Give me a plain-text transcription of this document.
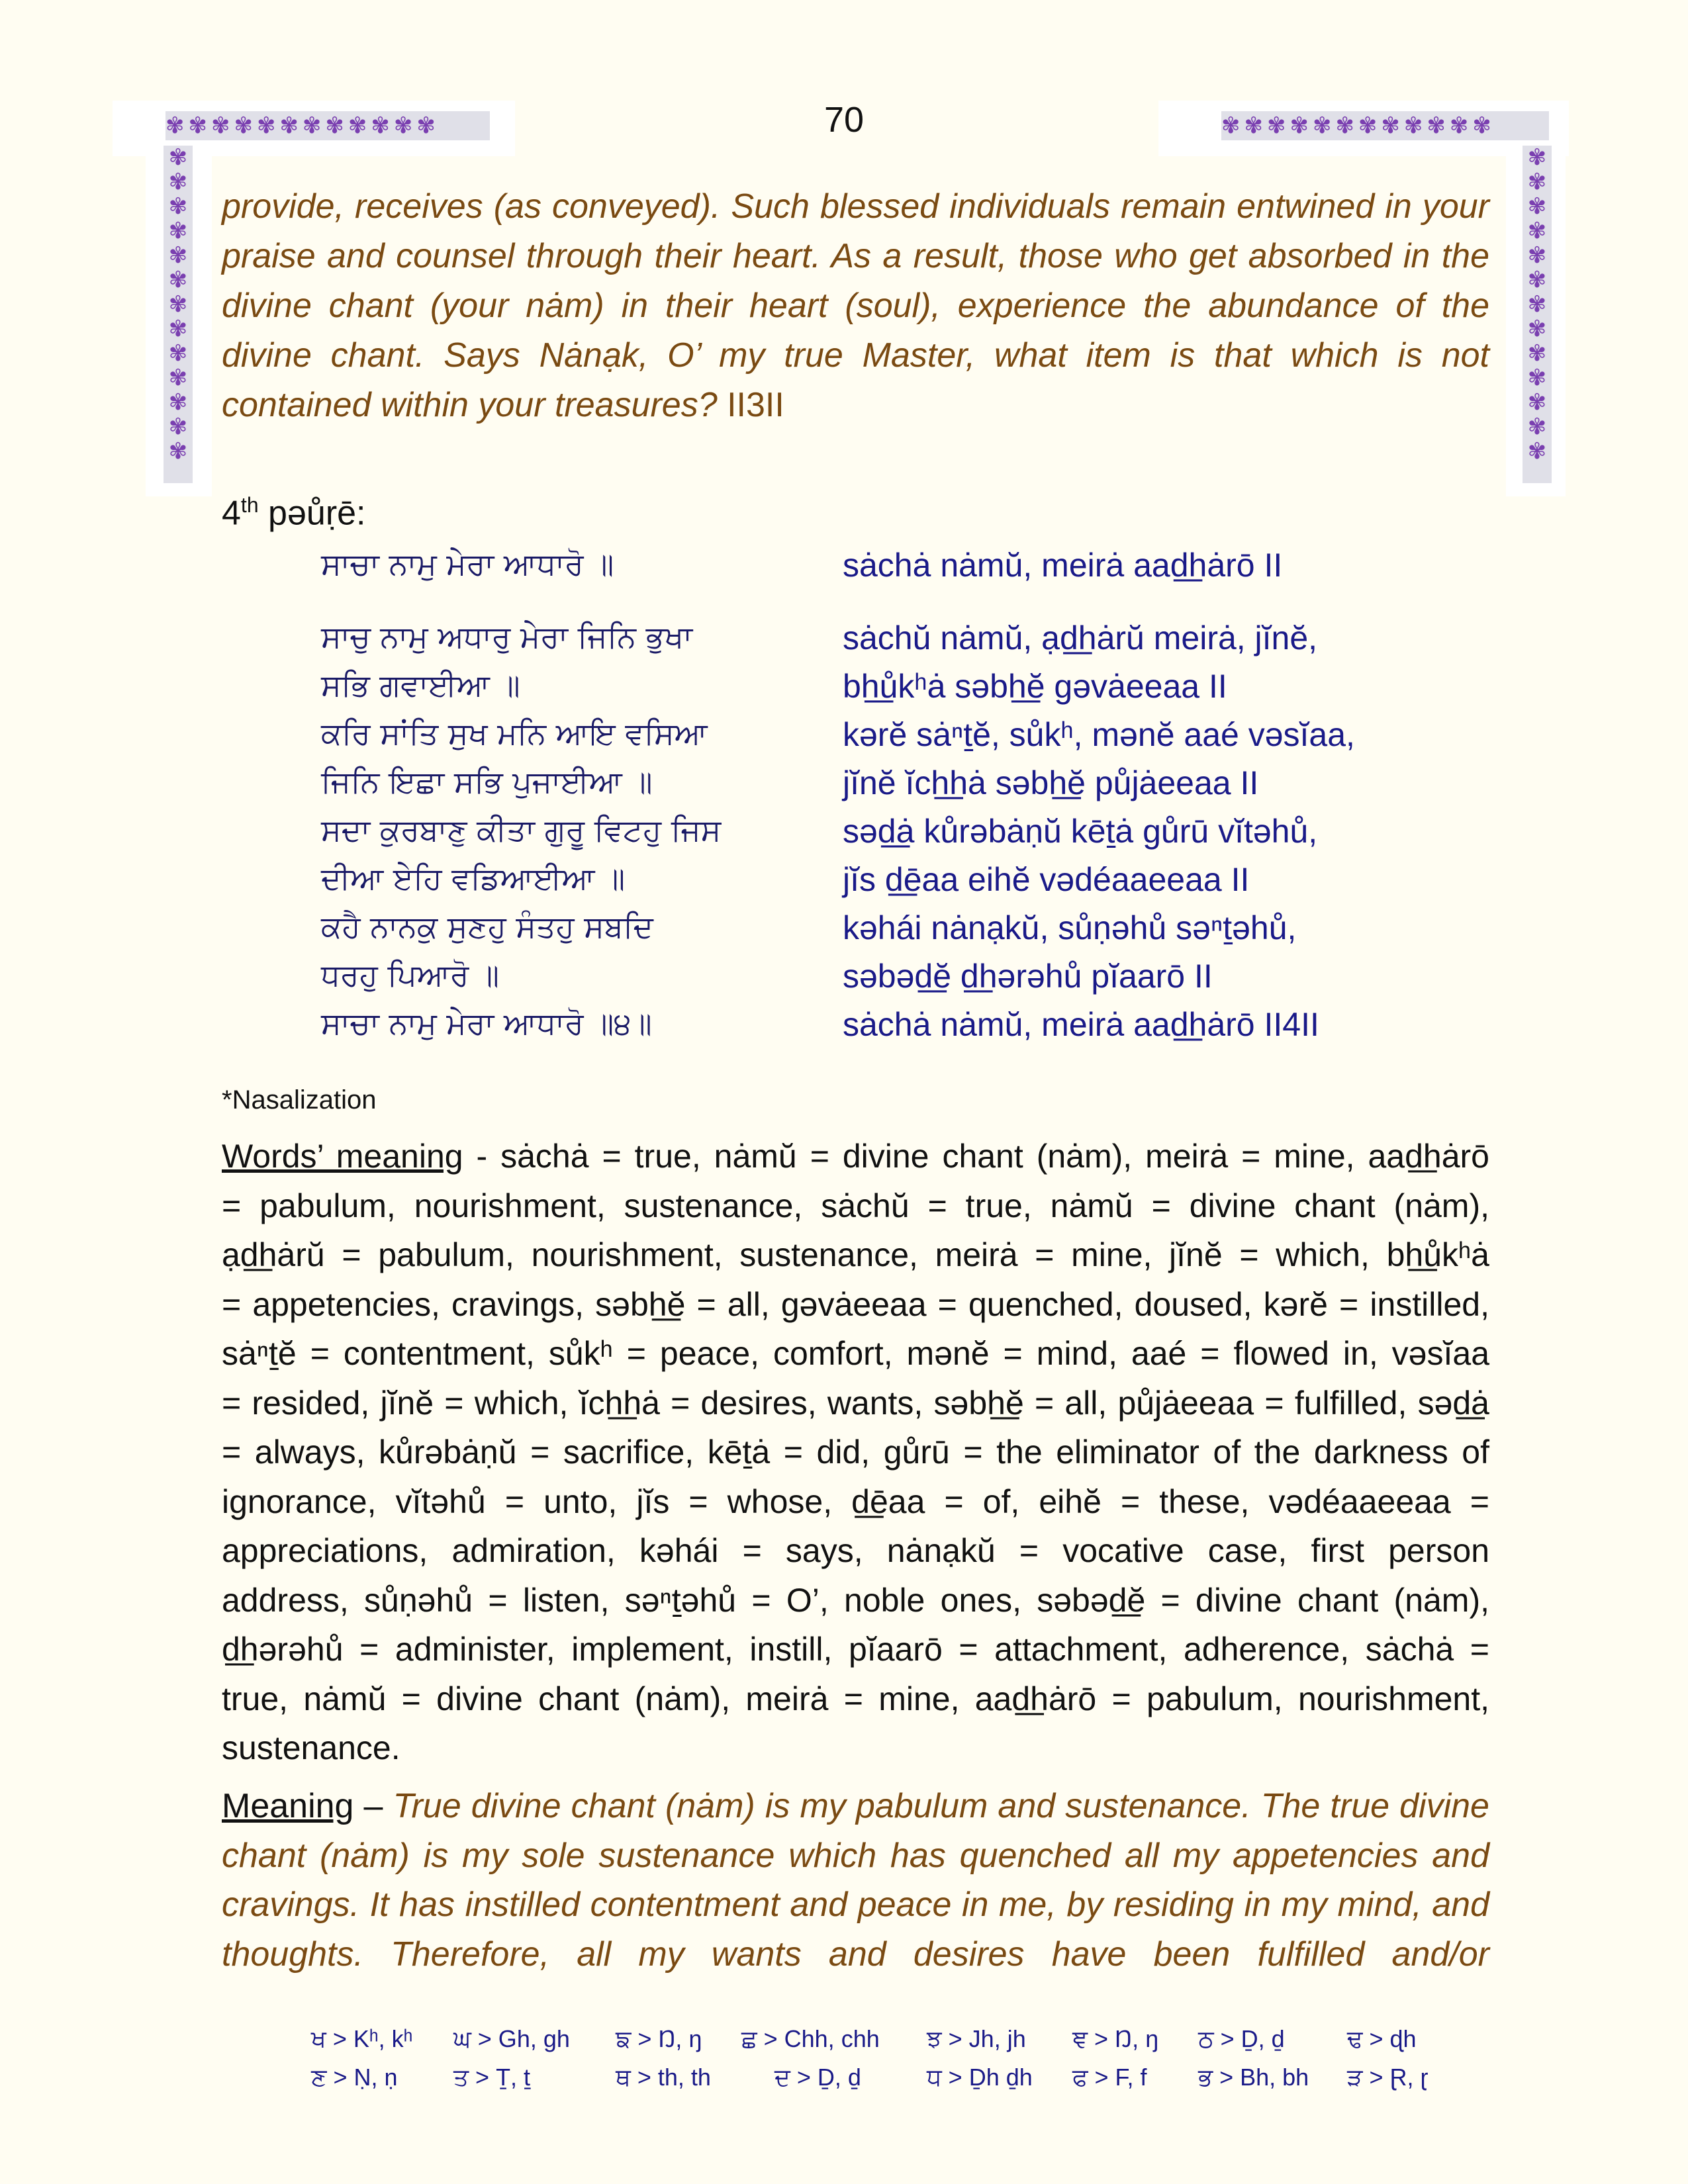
✾✾✾✾✾✾✾✾✾✾✾✾	✾✾✾✾✾✾✾✾✾✾✾✾
✾
✾
✾
✾
✾
✾
✾
✾
✾
✾
✾
✾
✾
✾
✾
✾
✾
✾
✾
✾
✾
✾
✾
✾
✾
✾
70
provide, receives (as conveyed). Such blessed individuals remain entwined in your
praise and counsel through their heart. As a result, those who get absorbed in the
divine chant (your nȧm) in their heart (soul), experience the abundance of the
divine chant. Says Nȧnạk, O’ my true Master, what item is that which is not
contained within your treasures? II3II
4th pəůṛē:
ਸਾਚਾ ਨਾਮੁ ਮੇਰਾ ਆਧਾਰੋ ॥	sȧchȧ nȧmŭ, meirȧ aad͟hȧrō II
ਸਾਚੁ ਨਾਮੁ ਅਧਾਰੁ ਮੇਰਾ ਜਿਨਿ ਭੁਖਾ	sȧchŭ nȧmŭ, ạd͟hȧrŭ meirȧ, jĭnĕ,
ਸਭਿ ਗਵਾਈਆ ॥	bh͟ůkʰȧ səbh͟ĕ gəvȧeeaa II
ਕਰਿ ਸਾਂਤਿ ਸੁਖ ਮਨਿ ਆਇ ਵਸਿਆ	kərĕ sȧⁿṯĕ, sůkʰ, mənĕ aaé vəsĭaa,
ਜਿਨਿ ਇਛਾ ਸਭਿ ਪੁਜਾਈਆ ॥	jĭnĕ ĭch͟hȧ səbh͟ĕ půjȧeeaa II
ਸਦਾ ਕੁਰਬਾਣੁ ਕੀਤਾ ਗੁਰੂ ਵਿਟਹੁ ਜਿਸ	səd͟ȧ kůrəbȧṇŭ kēṯȧ gůrū vĭtəhů,
ਦੀਆ ਏਹਿ ਵਡਿਆਈਆ ॥	jĭs d͟ēaa eihĕ vədéaaeeaa II
ਕਹੈ ਨਾਨਕੁ ਸੁਣਹੁ ਸੰਤਹੁ ਸਬਦਿ	kəhái nȧnạkŭ, sůṇəhů səⁿṯəhů,
ਧਰਹੁ ਪਿਆਰੋ ॥	səbəd͟ĕ d͟hərəhů pĭaarō II
ਸਾਚਾ ਨਾਮੁ ਮੇਰਾ ਆਧਾਰੋ ॥੪॥	sȧchȧ nȧmŭ, meirȧ aad͟hȧrō II4II
*Nasalization
Words’ meaning - sȧchȧ = true, nȧmŭ = divine chant (nȧm), meirȧ = mine, aad͟hȧrō
= pabulum, nourishment, sustenance, sȧchŭ = true, nȧmŭ = divine chant (nȧm),
ạd͟hȧrŭ = pabulum, nourishment, sustenance, meirȧ = mine, jĭnĕ = which, bh͟ůkʰȧ
= appetencies, cravings, səbh͟ĕ = all, gəvȧeeaa = quenched, doused, kərĕ = instilled,
sȧⁿṯĕ = contentment, sůkʰ = peace, comfort, mənĕ = mind, aaé = flowed in, vəsĭaa
= resided, jĭnĕ = which, ĭch͟hȧ = desires, wants, səbh͟ĕ = all, půjȧeeaa = fulfilled, səd͟ȧ
= always, kůrəbȧṇŭ = sacrifice, kēṯȧ = did, gůrū = the eliminator of the darkness of
ignorance, vĭtəhů = unto, jĭs = whose, d͟ēaa = of, eihĕ = these, vədéaaeeaa =
appreciations, admiration, kəhái = says, nȧnạkŭ = vocative case, first person
address, sůṇəhů = listen, səⁿṯəhů = O’, noble ones, səbəd͟ĕ = divine chant (nȧm),
d͟hərəhů = administer, implement, instill, pĭaarō = attachment, adherence, sȧchȧ =
true, nȧmŭ = divine chant (nȧm), meirȧ = mine, aad͟hȧrō = pabulum, nourishment,
sustenance.
Meaning – True divine chant (nȧm) is my pabulum and sustenance. The true divine
chant (nȧm) is my sole sustenance which has quenched all my appetencies and
cravings. It has instilled contentment and peace in me, by residing in my mind, and
thoughts. Therefore, all my wants and desires have been fulfilled and/or
ਖ > Kʰ, kʰ ਘ > Gh, gh ਙ > Ŋ, ŋ ਛ > Chh, chh ਝ > Jh, jh ਞ > Ŋ, ŋ ਠ > Ḏ, ḏ	ਢ > ɖh
ਣ > Ṇ, ṇ ਤ > Ṯ, ṯ	ਥ > th, th	ਦ > Ḏ, ḏ	ਧ > Ḏh ḏh ਫ > F, f ਭ > Bh, bh ੜ > Ɽ, ɽ
